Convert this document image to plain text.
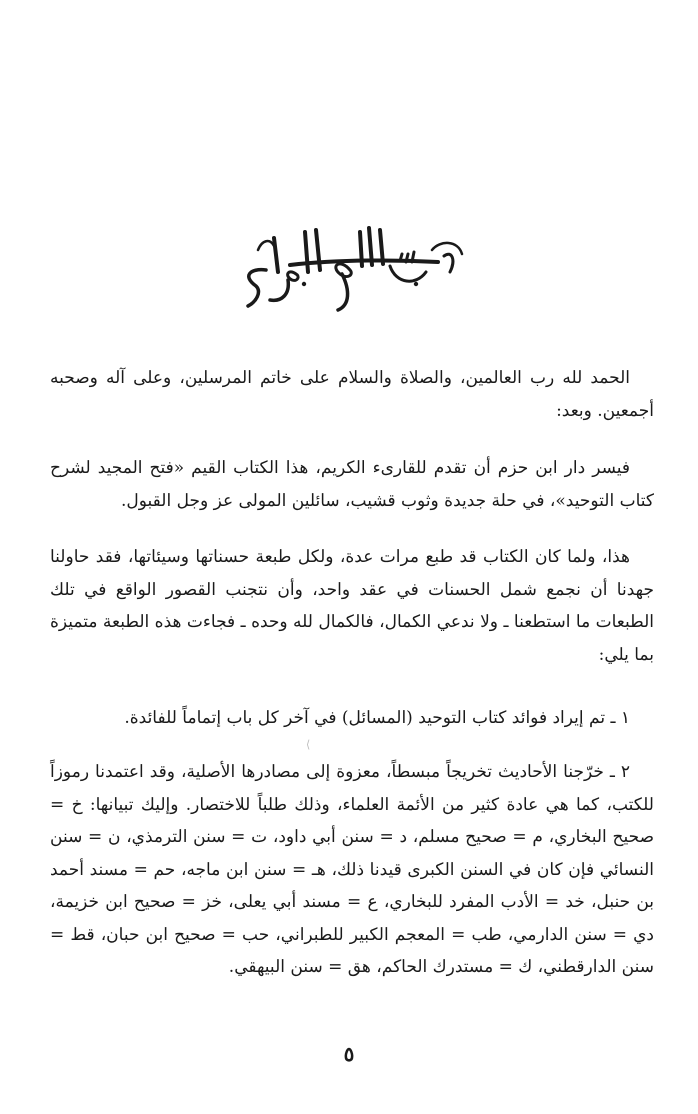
الحمد لله رب العالمين، والصلاة والسلام على خاتم المرسلين، وعلى آله وصحبه أجمعين. وبعد:

فيسر دار ابن حزم أن تقدم للقارىء الكريم، هذا الكتاب القيم «فتح المجيد لشرح كتاب التوحيد»، في حلة جديدة وثوب قشيب، سائلين المولى عز وجل القبول.

هذا، ولما كان الكتاب قد طبع مرات عدة، ولكل طبعة حسناتها وسيئاتها، فقد حاولنا جهدنا أن نجمع شمل الحسنات في عقد واحد، وأن نتجنب القصور الواقع في تلك الطبعات ما استطعنا ـ ولا ندعي الكمال، فالكمال لله وحده ـ فجاءت هذه الطبعة متميزة بما يلي:

١ ـ تم إيراد فوائد كتاب التوحيد (المسائل) في آخر كل باب إتماماً للفائدة.

⟨

٢ ـ خرّجنا الأحاديث تخريجاً مبسطاً، معزوة إلى مصادرها الأصلية، وقد اعتمدنا رموزاً للكتب، كما هي عادة كثير من الأئمة العلماء، وذلك طلباً للاختصار. وإليك تبيانها: خ = صحيح البخاري، م = صحيح مسلم، د = سنن أبي داود، ت = سنن الترمذي، ن = سنن النسائي فإن كان في السنن الكبرى قيدنا ذلك، هـ = سنن ابن ماجه، حم = مسند أحمد بن حنبل، خد = الأدب المفرد للبخاري، ع = مسند أبي يعلى، خز = صحيح ابن خزيمة، دي = سنن الدارمي، طب = المعجم الكبير للطبراني، حب = صحيح ابن حبان، قط = سنن الدارقطني، ك = مستدرك الحاكم، هق = سنن البيهقي.

٥
